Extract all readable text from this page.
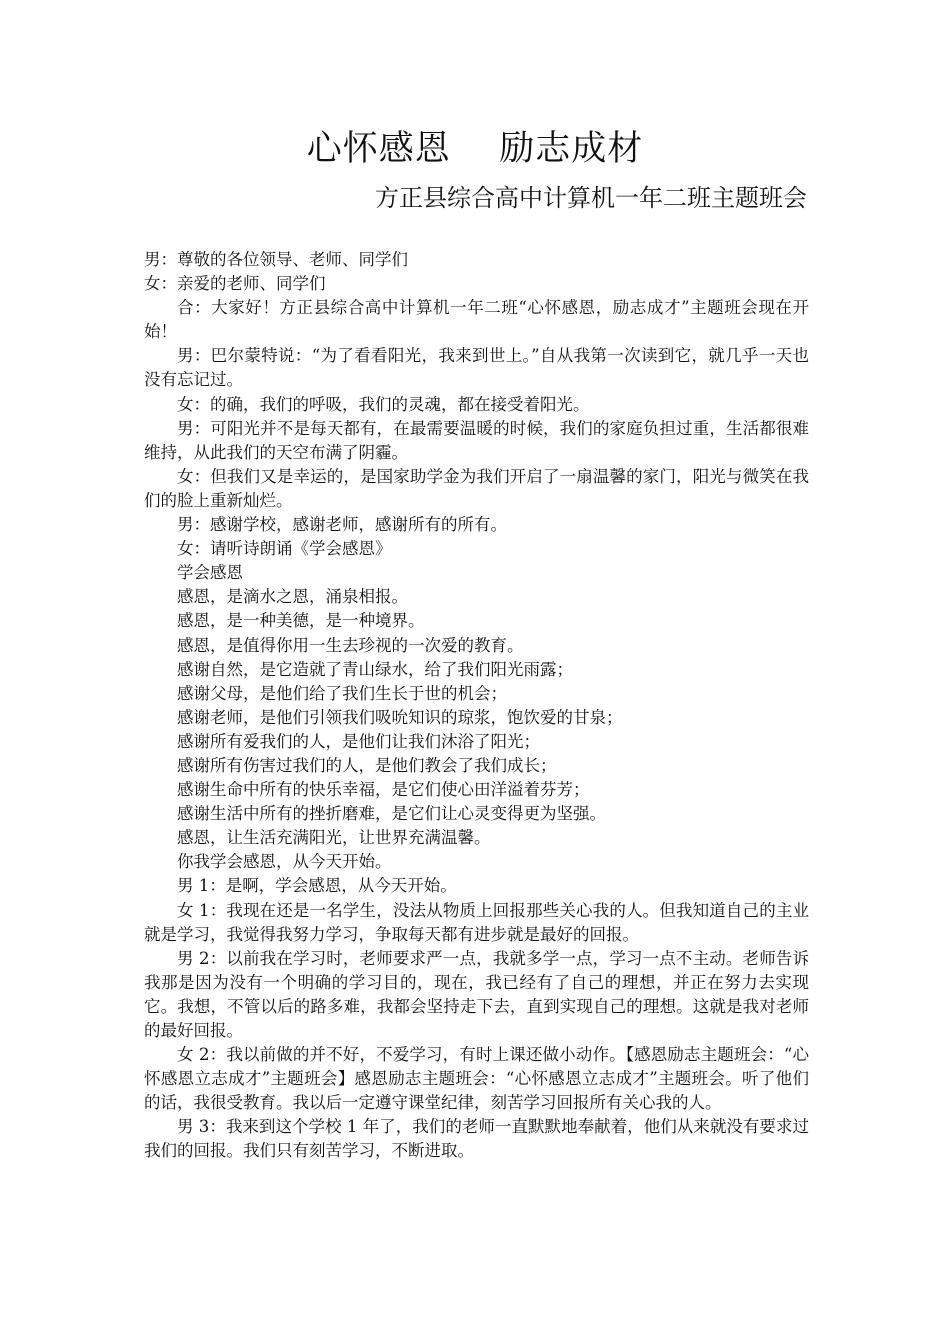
心怀感恩    励志成材
方正县综合高中计算机一年二班主题班会

男：尊敬的各位领导、老师、同学们

女：亲爱的老师、同学们

合：大家好！方正县综合高中计算机一年二班“心怀感恩，励志成才”主题班会现在开始！

男：巴尔蒙特说：“为了看看阳光，我来到世上。”自从我第一次读到它，就几乎一天也没有忘记过。

女：的确，我们的呼吸，我们的灵魂，都在接受着阳光。

男：可阳光并不是每天都有，在最需要温暖的时候，我们的家庭负担过重，生活都很难维持，从此我们的天空布满了阴霾。

女：但我们又是幸运的，是国家助学金为我们开启了一扇温馨的家门，阳光与微笑在我们的脸上重新灿烂。

男：感谢学校，感谢老师，感谢所有的所有。

女：请听诗朗诵《学会感恩》

学会感恩

感恩，是滴水之恩，涌泉相报。

感恩，是一种美德，是一种境界。

感恩，是值得你用一生去珍视的一次爱的教育。

感谢自然，是它造就了青山绿水，给了我们阳光雨露；

感谢父母，是他们给了我们生长于世的机会；

感谢老师，是他们引领我们吸吮知识的琼浆，饱饮爱的甘泉；

感谢所有爱我们的人，是他们让我们沐浴了阳光；

感谢所有伤害过我们的人，是他们教会了我们成长；

感谢生命中所有的快乐幸福，是它们使心田洋溢着芬芳；

感谢生活中所有的挫折磨难，是它们让心灵变得更为坚强。

感恩，让生活充满阳光，让世界充满温馨。

你我学会感恩，从今天开始。

男 1：是啊，学会感恩，从今天开始。

女 1：我现在还是一名学生，没法从物质上回报那些关心我的人。但我知道自己的主业就是学习，我觉得我努力学习，争取每天都有进步就是最好的回报。

男 2：以前我在学习时，老师要求严一点，我就多学一点，学习一点不主动。老师告诉我那是因为没有一个明确的学习目的，现在，我已经有了自己的理想，并正在努力去实现它。我想，不管以后的路多难，我都会坚持走下去，直到实现自己的理想。这就是我对老师的最好回报。

女 2：我以前做的并不好，不爱学习，有时上课还做小动作。【感恩励志主题班会：“心怀感恩立志成才”主题班会】感恩励志主题班会：“心怀感恩立志成才”主题班会。听了他们的话，我很受教育。我以后一定遵守课堂纪律，刻苦学习回报所有关心我的人。

男 3：我来到这个学校 1 年了，我们的老师一直默默地奉献着，他们从来就没有要求过我们的回报。我们只有刻苦学习，不断进取。
